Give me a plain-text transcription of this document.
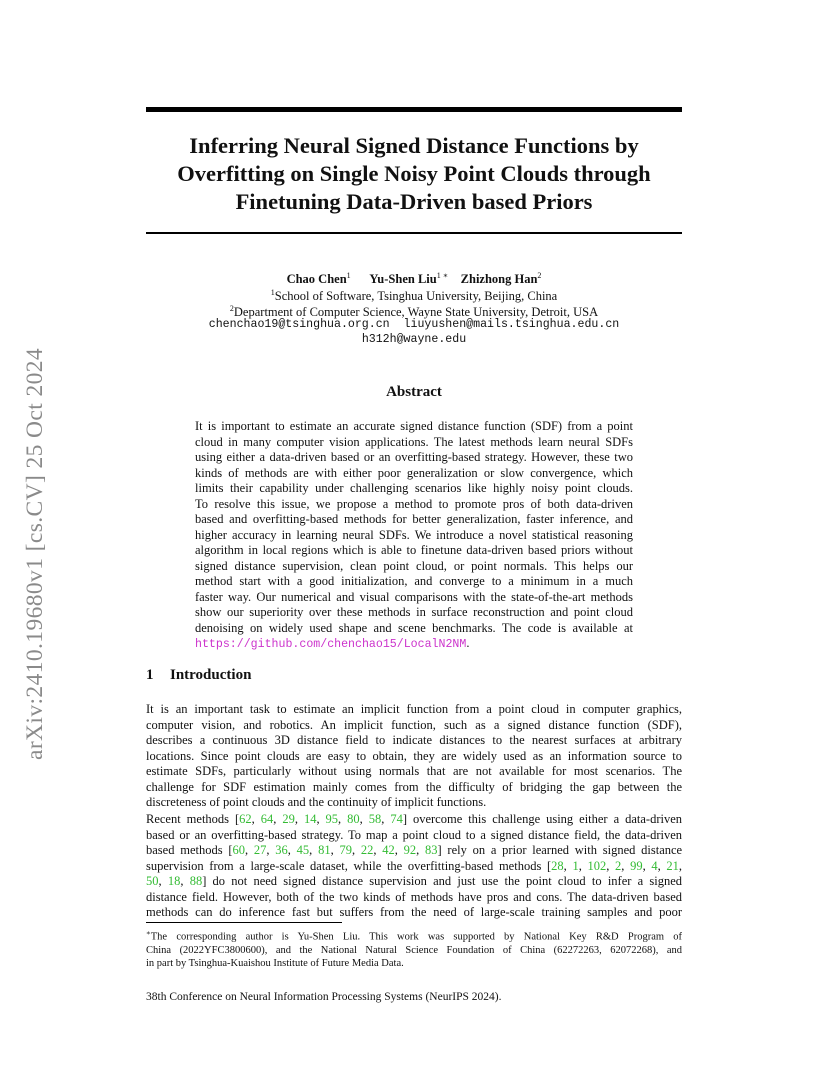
arXiv:2410.19680v1 [cs.CV] 25 Oct 2024
Inferring Neural Signed Distance Functions by
Overfitting on Single Noisy Point Clouds through
Finetuning Data-Driven based Priors
Chao Chen$^1$ Yu-Shen Liu$^{1 ∗}$ Zhizhong Han$^2$
$^1$School of Software, Tsinghua University, Beijing, China
$^2$Department of Computer Science, Wayne State University, Detroit, USA
chenchao19@tsinghua.org.cn  liuyushen@mails.tsinghua.edu.cn
h312h@wayne.edu
Abstract
It is important to estimate an accurate signed distance function (SDF) from a point
cloud in many computer vision applications. The latest methods learn neural SDFs
using either a data-driven based or an overfitting-based strategy. However, these two
kinds of methods are with either poor generalization or slow convergence, which
limits their capability under challenging scenarios like highly noisy point clouds.
To resolve this issue, we propose a method to promote pros of both data-driven
based and overfitting-based methods for better generalization, faster inference, and
higher accuracy in learning neural SDFs. We introduce a novel statistical reasoning
algorithm in local regions which is able to finetune data-driven based priors without
signed distance supervision, clean point cloud, or point normals. This helps our
method start with a good initialization, and converge to a minimum in a much
faster way. Our numerical and visual comparisons with the state-of-the-art methods
show our superiority over these methods in surface reconstruction and point cloud
denoising on widely used shape and scene benchmarks. The code is available at
https://github.com/chenchao15/LocalN2NM.
1 Introduction
It is an important task to estimate an implicit function from a point cloud in computer graphics,
computer vision, and robotics. An implicit function, such as a signed distance function (SDF),
describes a continuous 3D distance field to indicate distances to the nearest surfaces at arbitrary
locations. Since point clouds are easy to obtain, they are widely used as an information source to
estimate SDFs, particularly without using normals that are not available for most scenarios. The
challenge for SDF estimation mainly comes from the difficulty of bridging the gap between the
discreteness of point clouds and the continuity of implicit functions.
Recent methods [62, 64, 29, 14, 95, 80, 58, 74] overcome this challenge using either a data-driven
based or an overfitting-based strategy. To map a point cloud to a signed distance field, the data-driven
based methods [60, 27, 36, 45, 81, 79, 22, 42, 92, 83] rely on a prior learned with signed distance
supervision from a large-scale dataset, while the overfitting-based methods [28, 1, 102, 2, 99, 4, 21,
50, 18, 88] do not need signed distance supervision and just use the point cloud to infer a signed
distance field. However, both of the two kinds of methods have pros and cons. The data-driven based
methods can do inference fast but suffers from the need of large-scale training samples and poor
∗The corresponding author is Yu-Shen Liu. This work was supported by National Key R&D Program of
China (2022YFC3800600), and the National Natural Science Foundation of China (62272263, 62072268), and
in part by Tsinghua-Kuaishou Institute of Future Media Data.
38th Conference on Neural Information Processing Systems (NeurIPS 2024).
